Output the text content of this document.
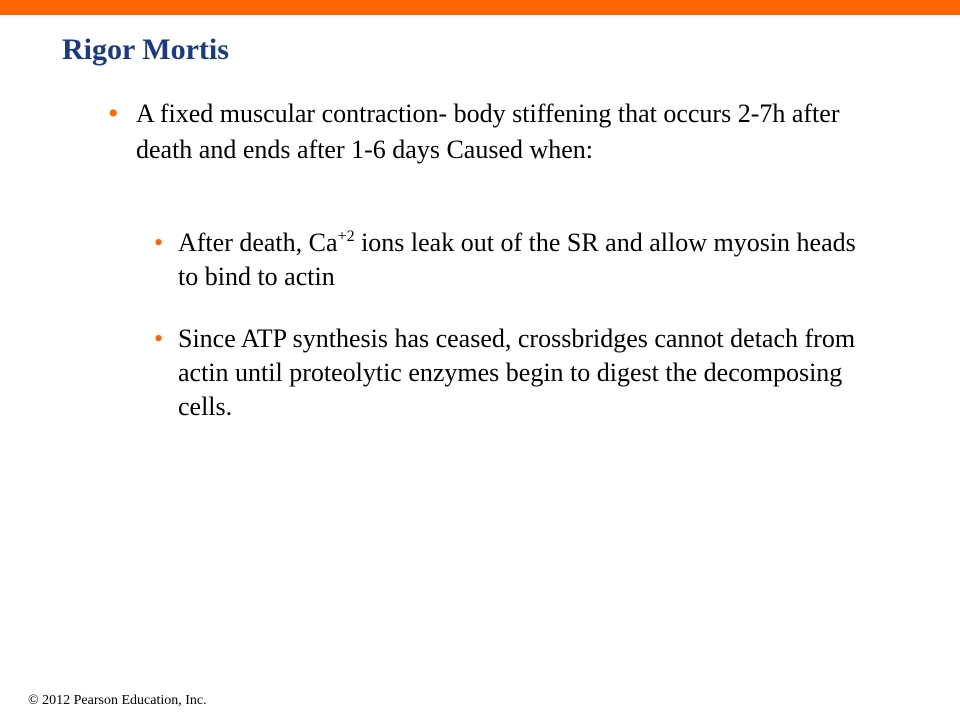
Rigor Mortis
• A fixed muscular contraction- body stiffening that occurs 2-7h after death and ends after 1-6 days Caused when:
• After death, $Ca^{+2}$ ions leak out of the SR and allow myosin heads to bind to actin
• Since ATP synthesis has ceased, crossbridges cannot detach from actin until proteolytic enzymes begin to digest the decomposing cells.
© 2012 Pearson Education, Inc.
